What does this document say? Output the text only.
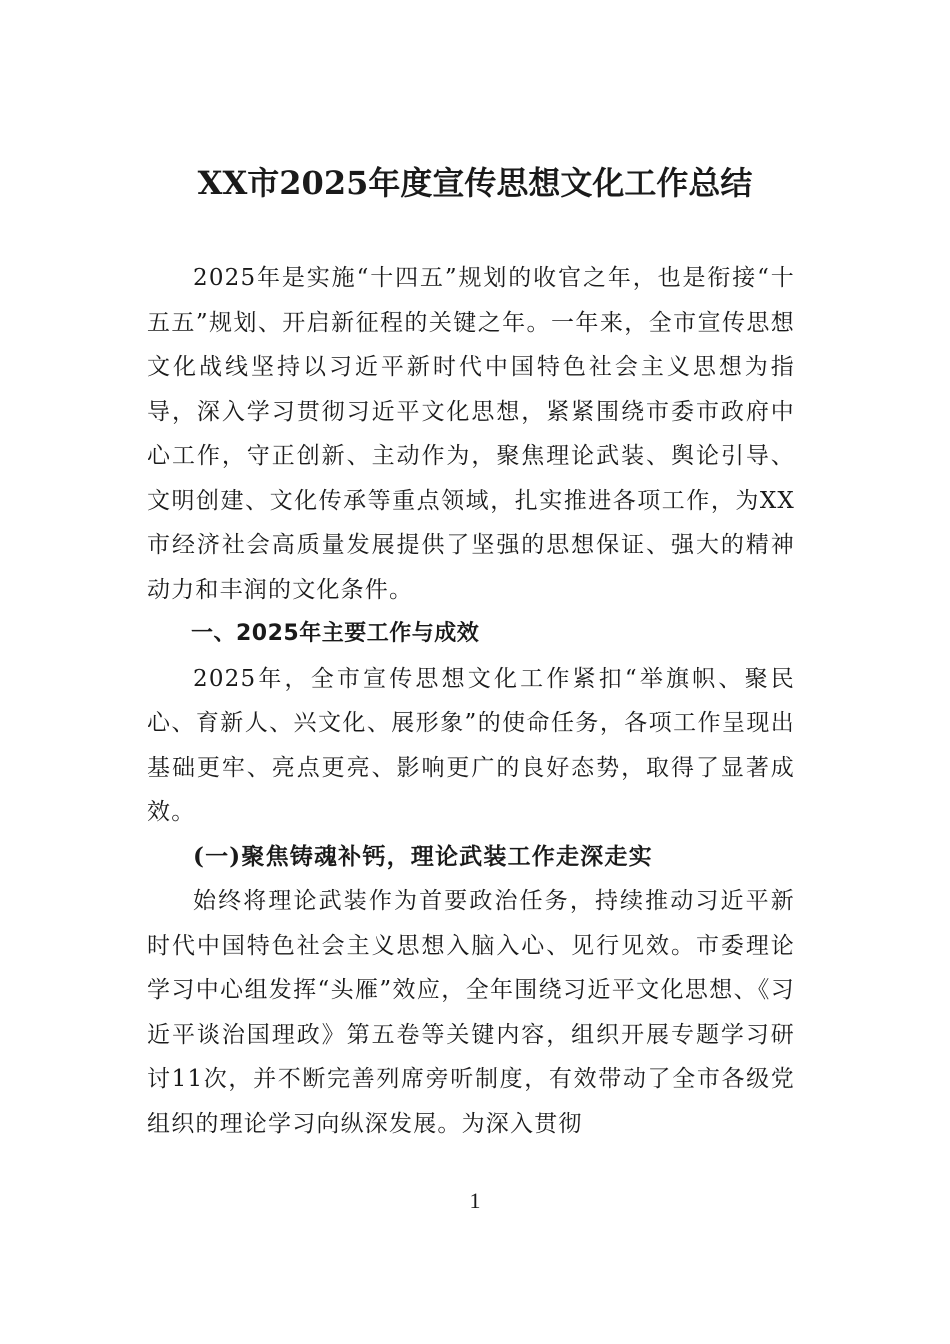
XX市2025年度宣传思想文化工作总结

2025年是实施“十四五”规划的收官之年，也是衔接“十五五”规划、开启新征程的关键之年。一年来，全市宣传思想文化战线坚持以习近平新时代中国特色社会主义思想为指导，深入学习贯彻习近平文化思想，紧紧围绕市委市政府中心工作，守正创新、主动作为，聚焦理论武装、舆论引导、文明创建、文化传承等重点领域，扎实推进各项工作，为XX市经济社会高质量发展提供了坚强的思想保证、强大的精神动力和丰润的文化条件。

一、2025年主要工作与成效

2025年，全市宣传思想文化工作紧扣“举旗帜、聚民心、育新人、兴文化、展形象”的使命任务，各项工作呈现出基础更牢、亮点更亮、影响更广的良好态势，取得了显著成效。

(一)聚焦铸魂补钙，理论武装工作走深走实

始终将理论武装作为首要政治任务，持续推动习近平新时代中国特色社会主义思想入脑入心、见行见效。市委理论学习中心组发挥“头雁”效应，全年围绕习近平文化思想、《习近平谈治国理政》第五卷等关键内容，组织开展专题学习研讨11次，并不断完善列席旁听制度，有效带动了全市各级党组织的理论学习向纵深发展。为深入贯彻

1
